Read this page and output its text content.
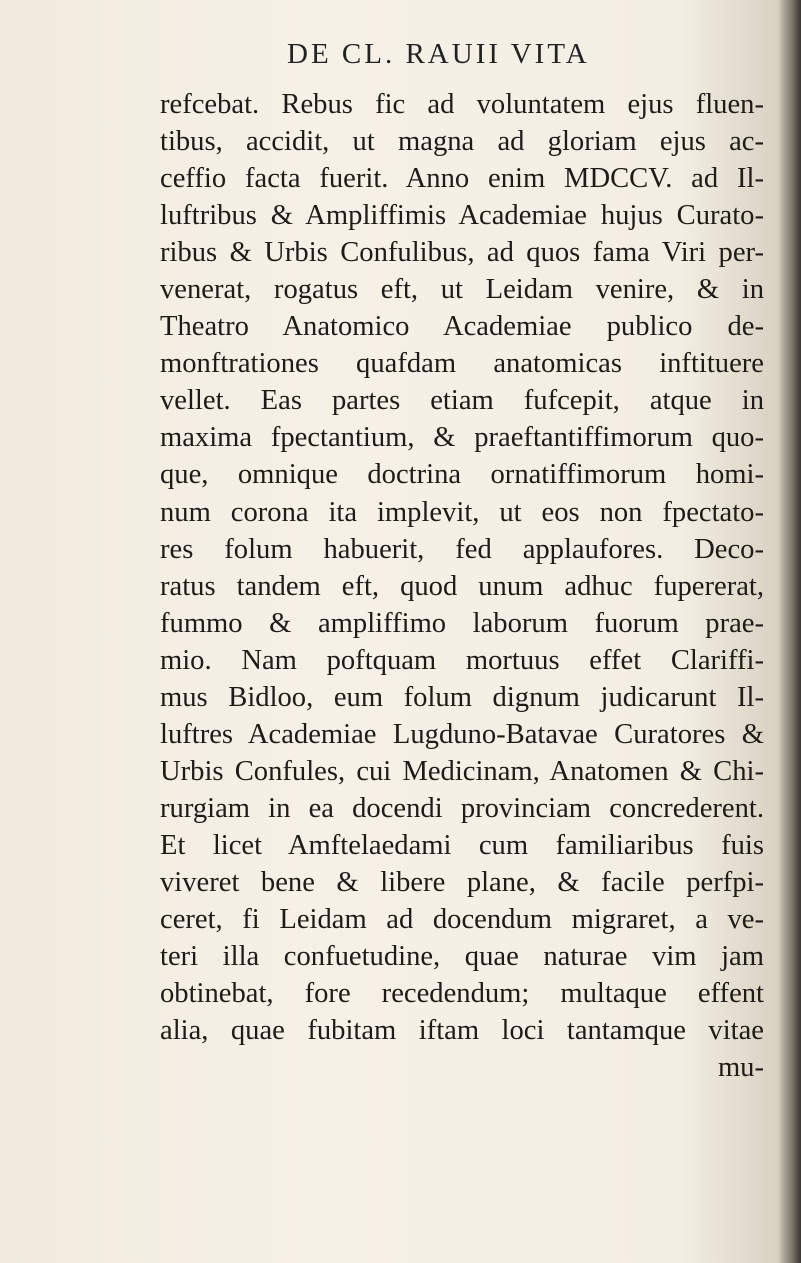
DE CL. RAUII VITA
refcebat. Rebus fic ad voluntatem ejus fluen-
tibus, accidit, ut magna ad gloriam ejus ac-
ceffio facta fuerit. Anno enim MDCCV. ad Il-
luftribus & Ampliffimis Academiae hujus Curato-
ribus & Urbis Confulibus, ad quos fama Viri per-
venerat, rogatus eft, ut Leidam venire, & in
Theatro Anatomico Academiae publico de-
monftrationes quafdam anatomicas inftituere
vellet. Eas partes etiam fufcepit, atque in
maxima fpectantium, & praeftantiffimorum quo-
que, omnique doctrina ornatiffimorum homi-
num corona ita implevit, ut eos non fpectato-
res folum habuerit, fed applaufores. Deco-
ratus tandem eft, quod unum adhuc fupererat,
fummo & ampliffimo laborum fuorum prae-
mio. Nam poftquam mortuus effet Clariffi-
mus Bidloo, eum folum dignum judicarunt Il-
luftres Academiae Lugduno-Batavae Curatores &
Urbis Confules, cui Medicinam, Anatomen & Chi-
rurgiam in ea docendi provinciam concrederent.
Et licet Amftelaedami cum familiaribus fuis
viveret bene & libere plane, & facile perfpi-
ceret, fi Leidam ad docendum migraret, a ve-
teri illa confuetudine, quae naturae vim jam
obtinebat, fore recedendum; multaque effent
alia, quae fubitam iftam loci tantamque vitae
mu-
